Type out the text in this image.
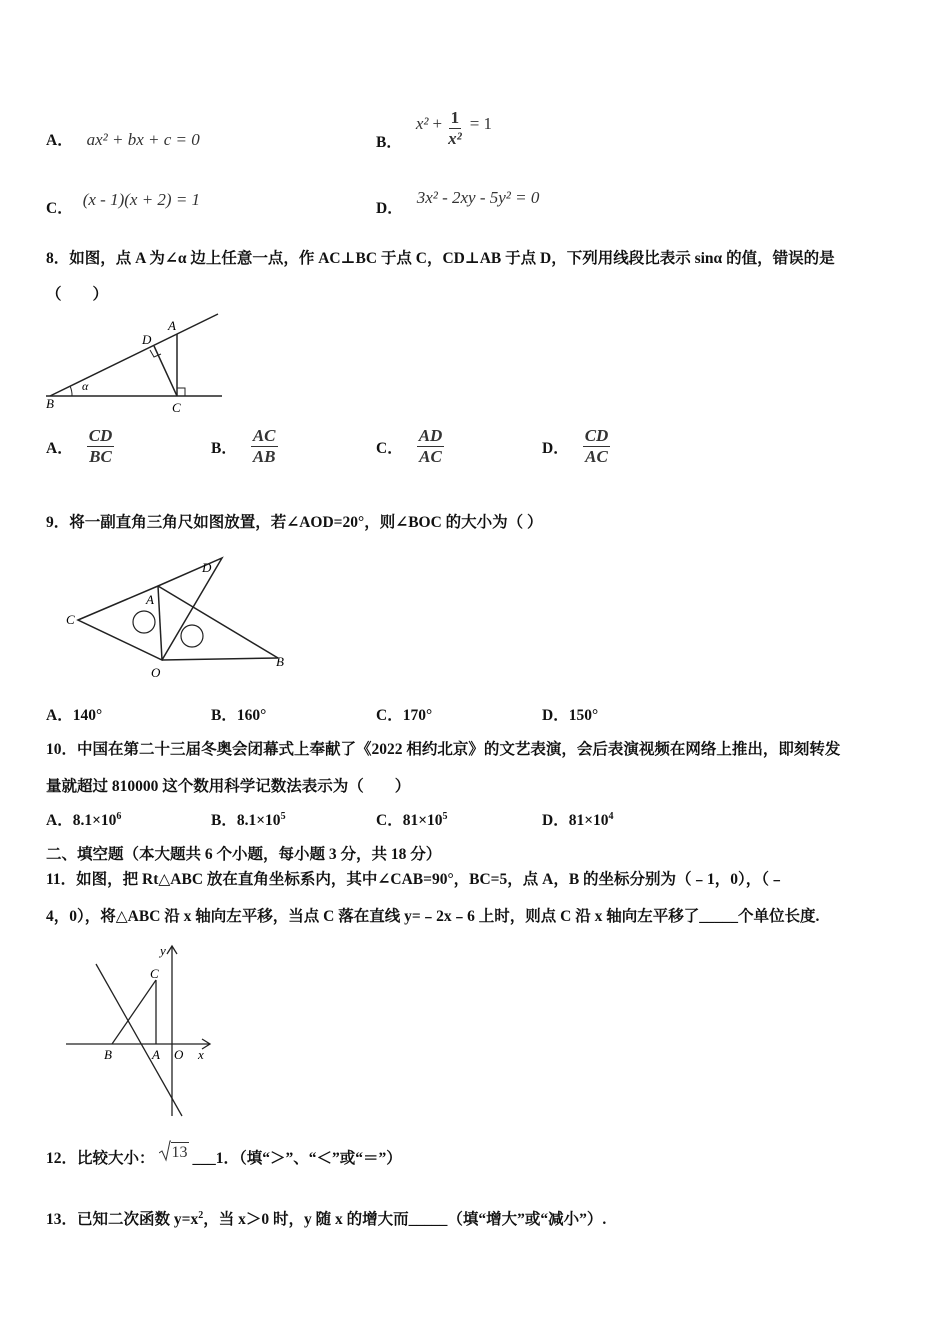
A． ax² + bx + c = 0	B．
$x^2 + \frac{1}{\text{x²}} = 1$
C． (x - 1)(x + 2) = 1	D．
3x² - 2xy - 5y² = 0
8．如图，点 A 为∠α 边上任意一点，作 AC⊥BC 于点 C，CD⊥AB 于点 D，下列用线段比表示 sinα 的值，错误的是
（　　）
B	C
D
A
α
A． $\frac{CD}{BC}$	B． $\frac{AC}{AB}$	C． $\frac{AD}{AC}$	D． $\frac{CD}{AC}$
9．将一副直角三角尺如图放置，若∠AOD=20°，则∠BOC 的大小为（ ）
C
A
D
O
B
A．140°	B．160°	C．170°	D．150°
10．中国在第二十三届冬奥会闭幕式上奉献了《2022 相约北京》的文艺表演，会后表演视频在网络上推出，即刻转发
量就超过 810000 这个数用科学记数法表示为（　　）
A．$8.1\times 10^6$	B．$8.1\times 10^5$	C．$81\times 10^5$	D．$81\times 10^4$
二、填空题（本大题共 6 个小题，每小题 3 分，共 18 分）
11．如图，把 Rt△ABC 放在直角坐标系内，其中∠CAB=90°，BC=5，点 A，B 的坐标分别为（﹣1，0），（﹣
4，0），将△ABC 沿 x 轴向左平移，当点 C 落在直线 y=﹣2x﹣6 上时，则点 C 沿 x 轴向左平移了_____个单位长度.
y
C
B	A O x
12．比较大小： 13 ___1．（填“＞”、“＜”或“＝”）
13．已知二次函数 $y=x^2$，当 x＞0 时，y 随 x 的增大而_____（填“增大”或“减小”）.
